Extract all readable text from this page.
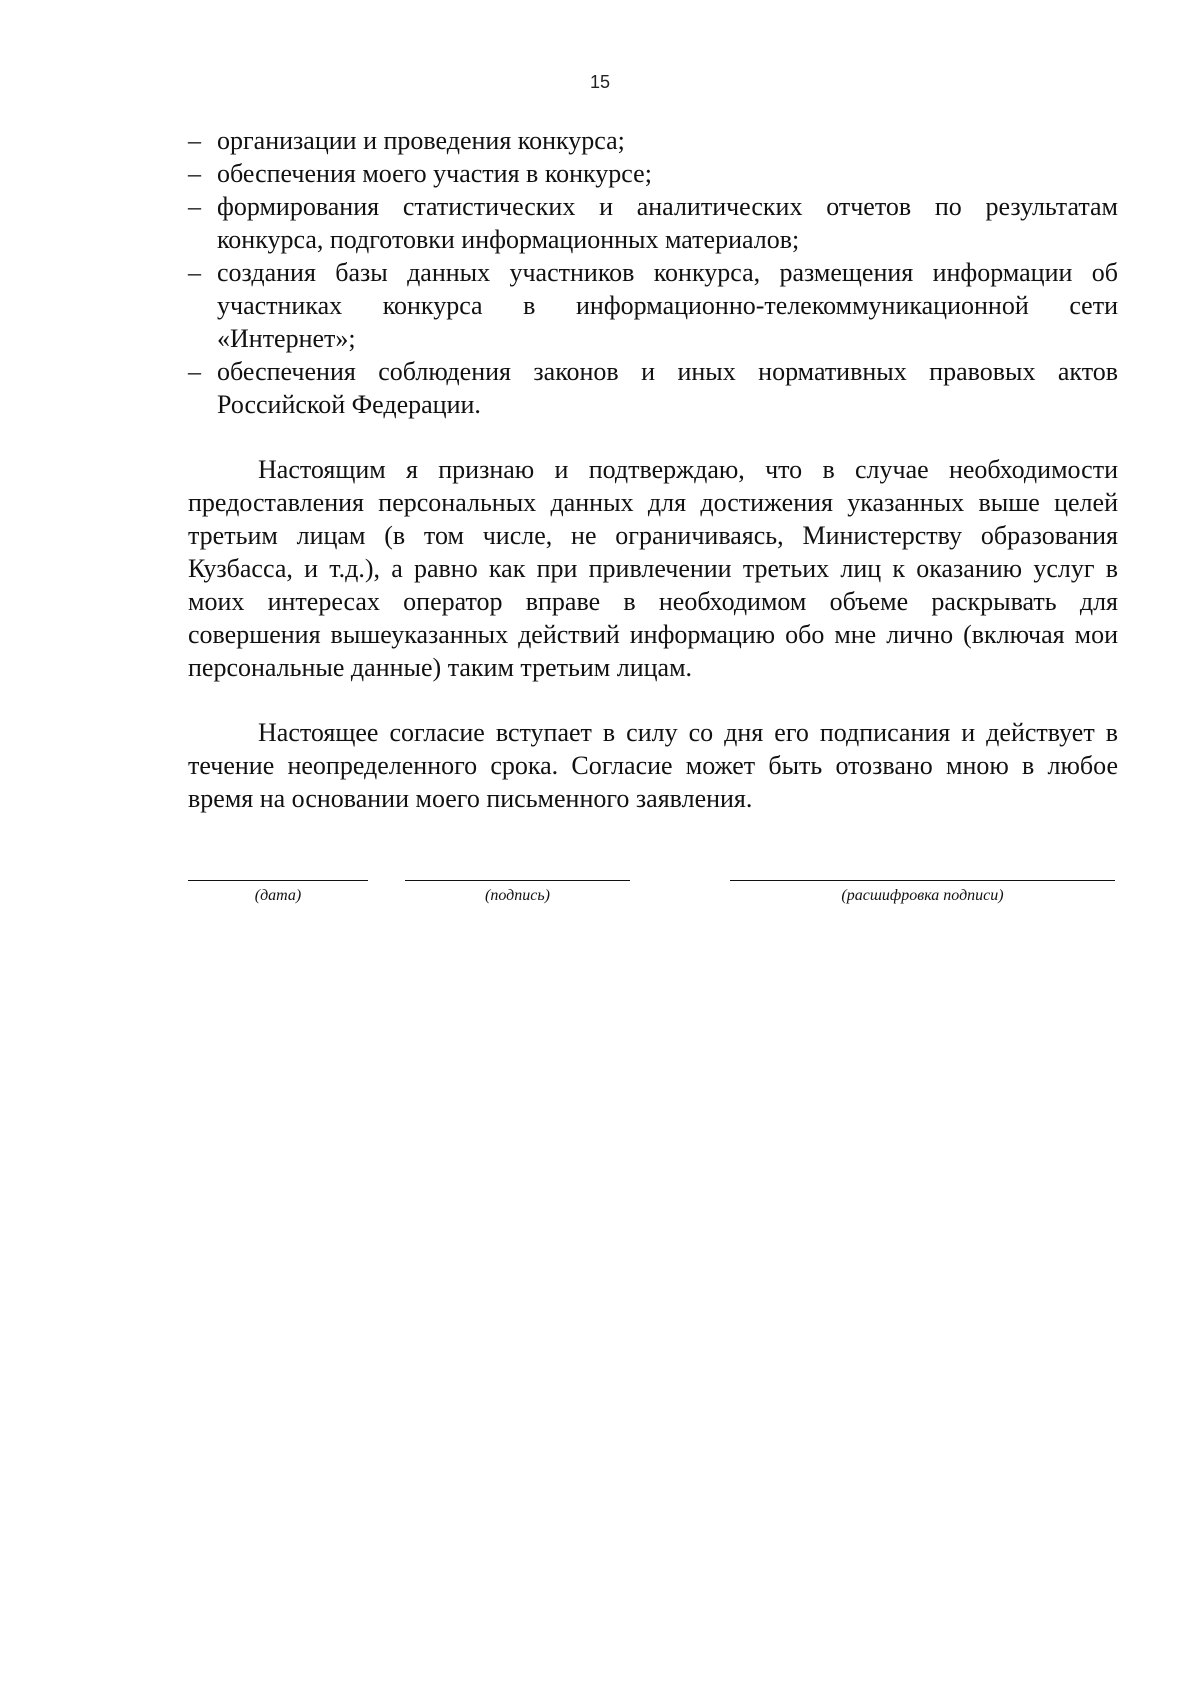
15
– организации и проведения конкурса;
– обеспечения моего участия в конкурсе;
– формирования статистических и аналитических отчетов по результатам конкурса, подготовки информационных материалов;
– создания базы данных участников конкурса, размещения информации об участниках конкурса в информационно-телекоммуникационной сети «Интернет»;
– обеспечения соблюдения законов и иных нормативных правовых актов Российской Федерации.

Настоящим я признаю и подтверждаю, что в случае необходимости предоставления персональных данных для достижения указанных выше целей третьим лицам (в том числе, не ограничиваясь, Министерству образования Кузбасса, и т.д.), а равно как при привлечении третьих лиц к оказанию услуг в моих интересах оператор вправе в необходимом объеме раскрывать для совершения вышеуказанных действий информацию обо мне лично (включая мои персональные данные) таким третьим лицам.

Настоящее согласие вступает в силу со дня его подписания и действует в течение неопределенного срока. Согласие может быть отозвано мною в любое время на основании моего письменного заявления.

(дата)	(подпись)	(расшифровка подписи)
